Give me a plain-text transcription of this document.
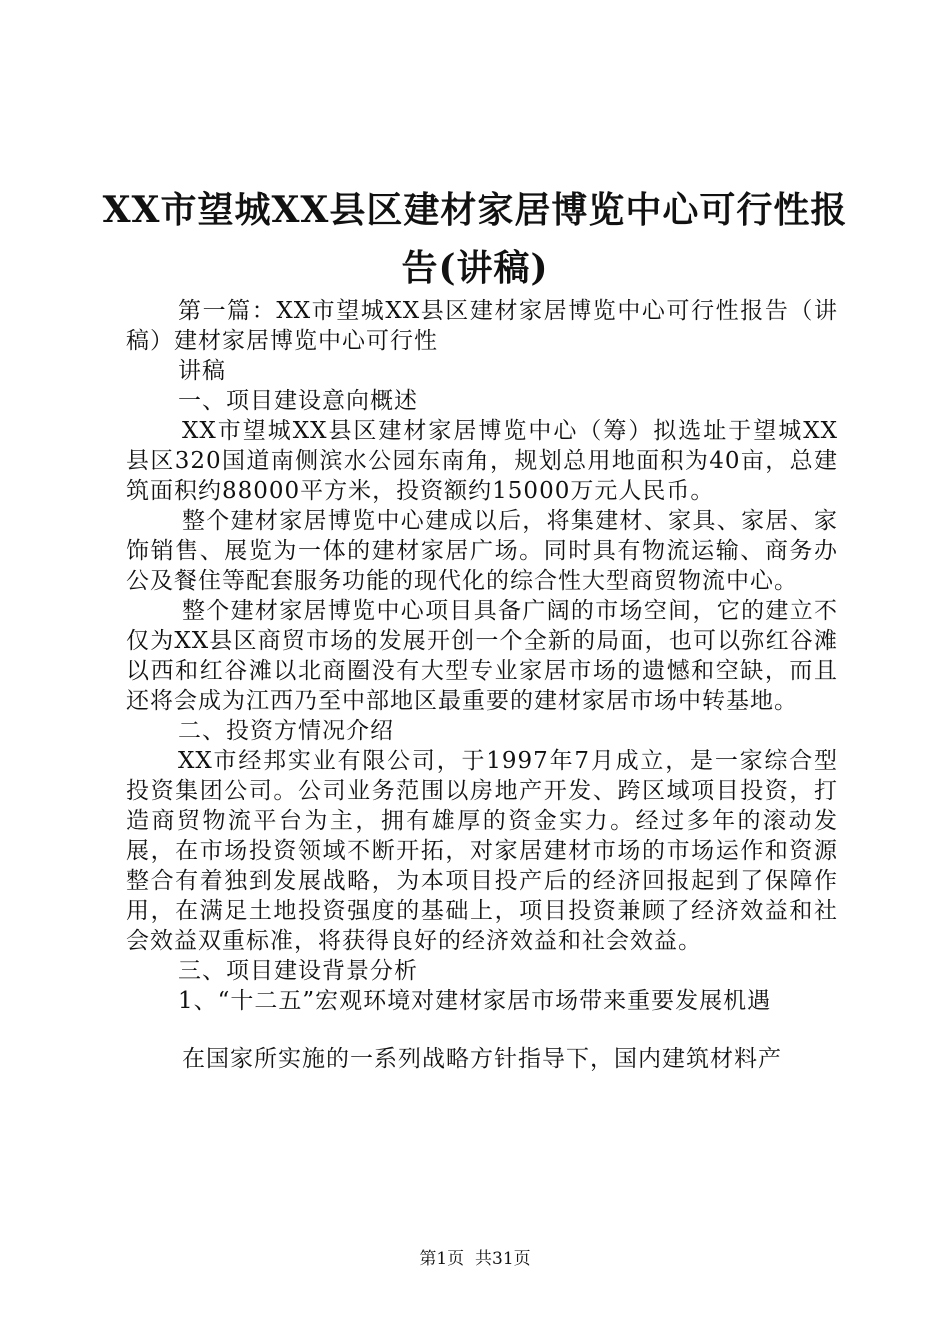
XX市望城XX县区建材家居博览中心可行性报
告(讲稿)

第一篇：XX市望城XX县区建材家居博览中心可行性报告（讲稿）建材家居博览中心可行性

讲稿

一、项目建设意向概述

XX市望城XX县区建材家居博览中心（筹）拟选址于望城XX县区320国道南侧滨水公园东南角，规划总用地面积为40亩，总建筑面积约88000平方米，投资额约15000万元人民币。

整个建材家居博览中心建成以后，将集建材、家具、家居、家饰销售、展览为一体的建材家居广场。同时具有物流运输、商务办公及餐住等配套服务功能的现代化的综合性大型商贸物流中心。

整个建材家居博览中心项目具备广阔的市场空间，它的建立不仅为XX县区商贸市场的发展开创一个全新的局面，也可以弥红谷滩以西和红谷滩以北商圈没有大型专业家居市场的遗憾和空缺，而且还将会成为江西乃至中部地区最重要的建材家居市场中转基地。

二、投资方情况介绍

XX市经邦实业有限公司，于1997年7月成立，是一家综合型投资集团公司。公司业务范围以房地产开发、跨区域项目投资，打造商贸物流平台为主，拥有雄厚的资金实力。经过多年的滚动发展，在市场投资领域不断开拓，对家居建材市场的市场运作和资源整合有着独到发展战略，为本项目投产后的经济回报起到了保障作用，在满足土地投资强度的基础上，项目投资兼顾了经济效益和社会效益双重标准，将获得良好的经济效益和社会效益。

三、项目建设背景分析

1、“十二五”宏观环境对建材家居市场带来重要发展机遇

在国家所实施的一系列战略方针指导下，国内建筑材料产

第1页 共31页
